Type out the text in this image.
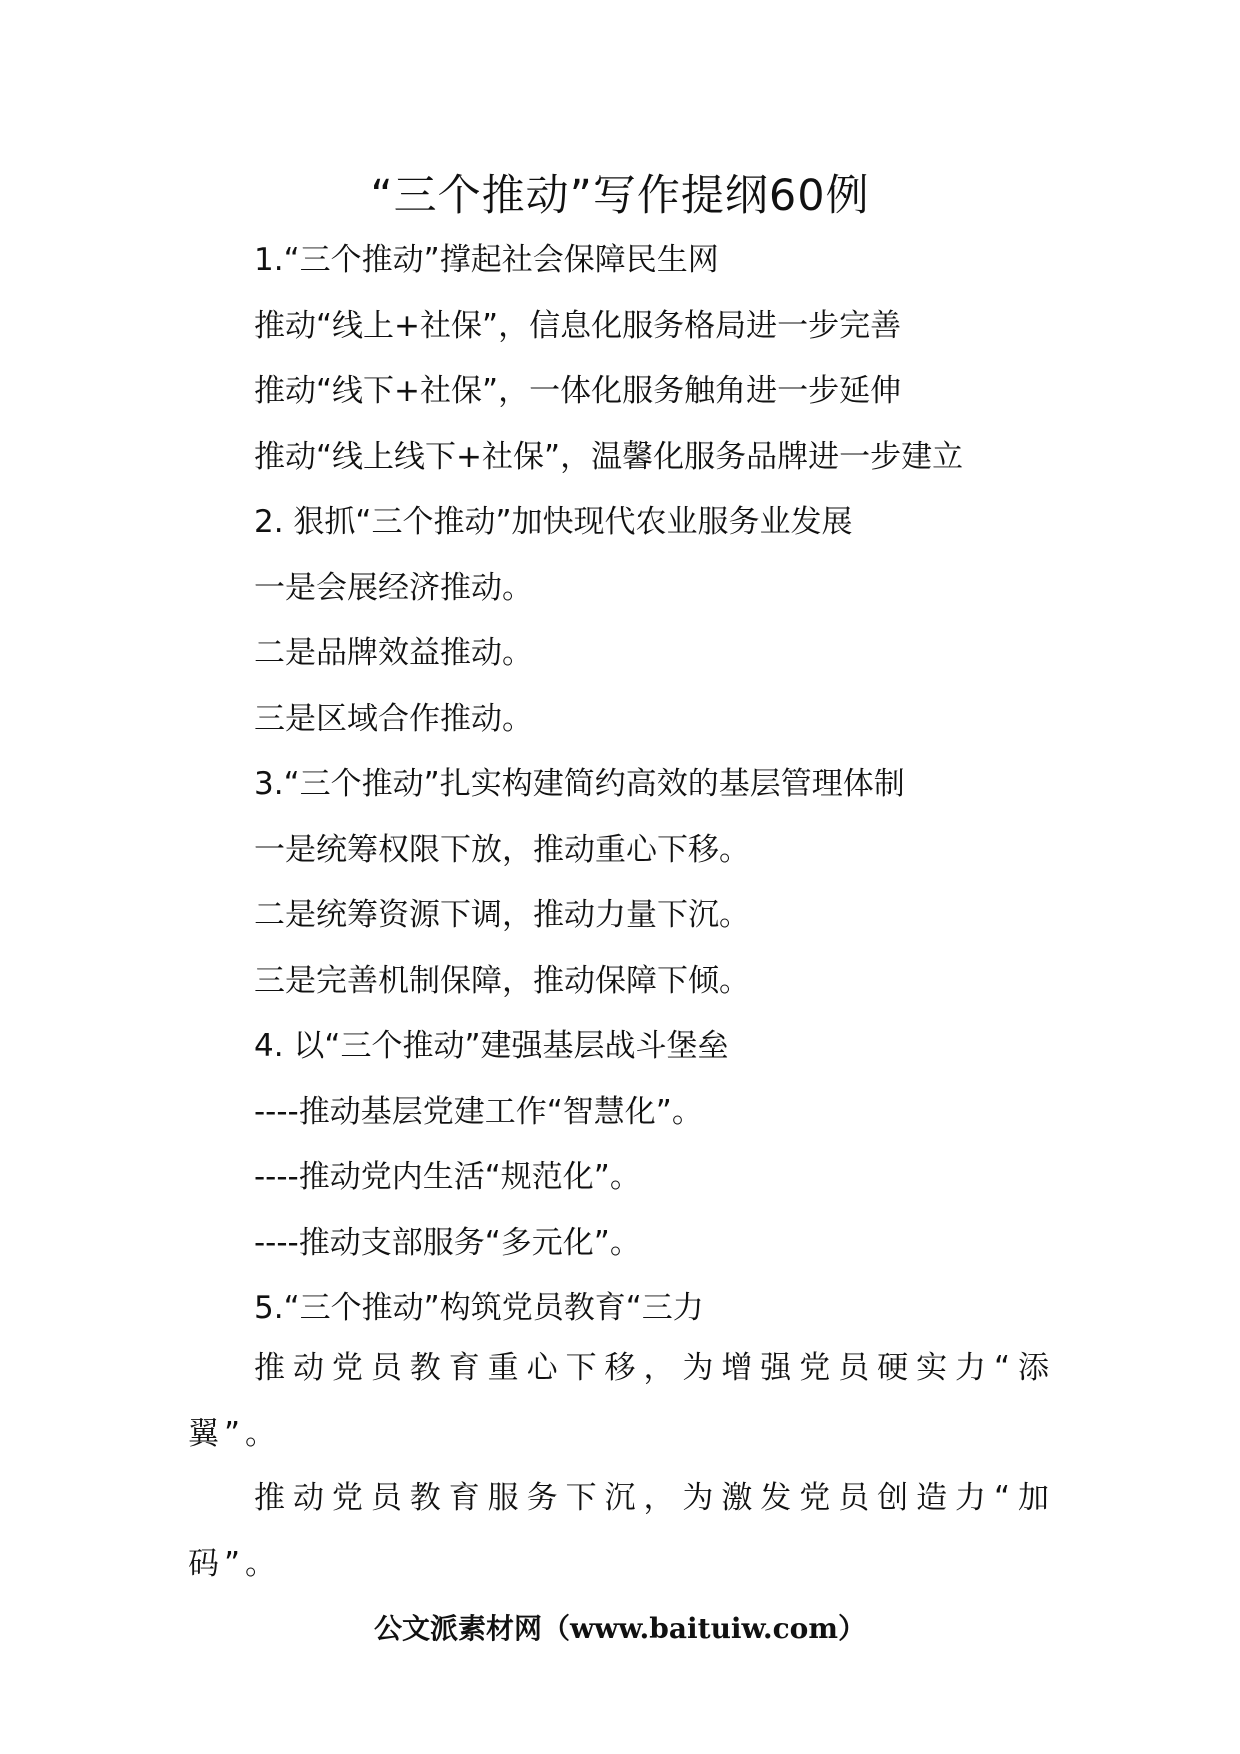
“三个推动”写作提纲60例

1.“三个推动”撑起社会保障民生网

推动“线上+社保”，信息化服务格局进一步完善

推动“线下+社保”，一体化服务触角进一步延伸

推动“线上线下+社保”，温馨化服务品牌进一步建立

2. 狠抓“三个推动”加快现代农业服务业发展

一是会展经济推动。

二是品牌效益推动。

三是区域合作推动。

3.“三个推动”扎实构建简约高效的基层管理体制

一是统筹权限下放，推动重心下移。

二是统筹资源下调，推动力量下沉。

三是完善机制保障，推动保障下倾。

4. 以“三个推动”建强基层战斗堡垒

----推动基层党建工作“智慧化”。

----推动党内生活“规范化”。

----推动支部服务“多元化”。

5.“三个推动”构筑党员教育“三力

推动党员教育重心下移，为增强党员硬实力“添翼”。

推动党员教育服务下沉，为激发党员创造力“加码”。

公文派素材网（www.baituiw.com）
